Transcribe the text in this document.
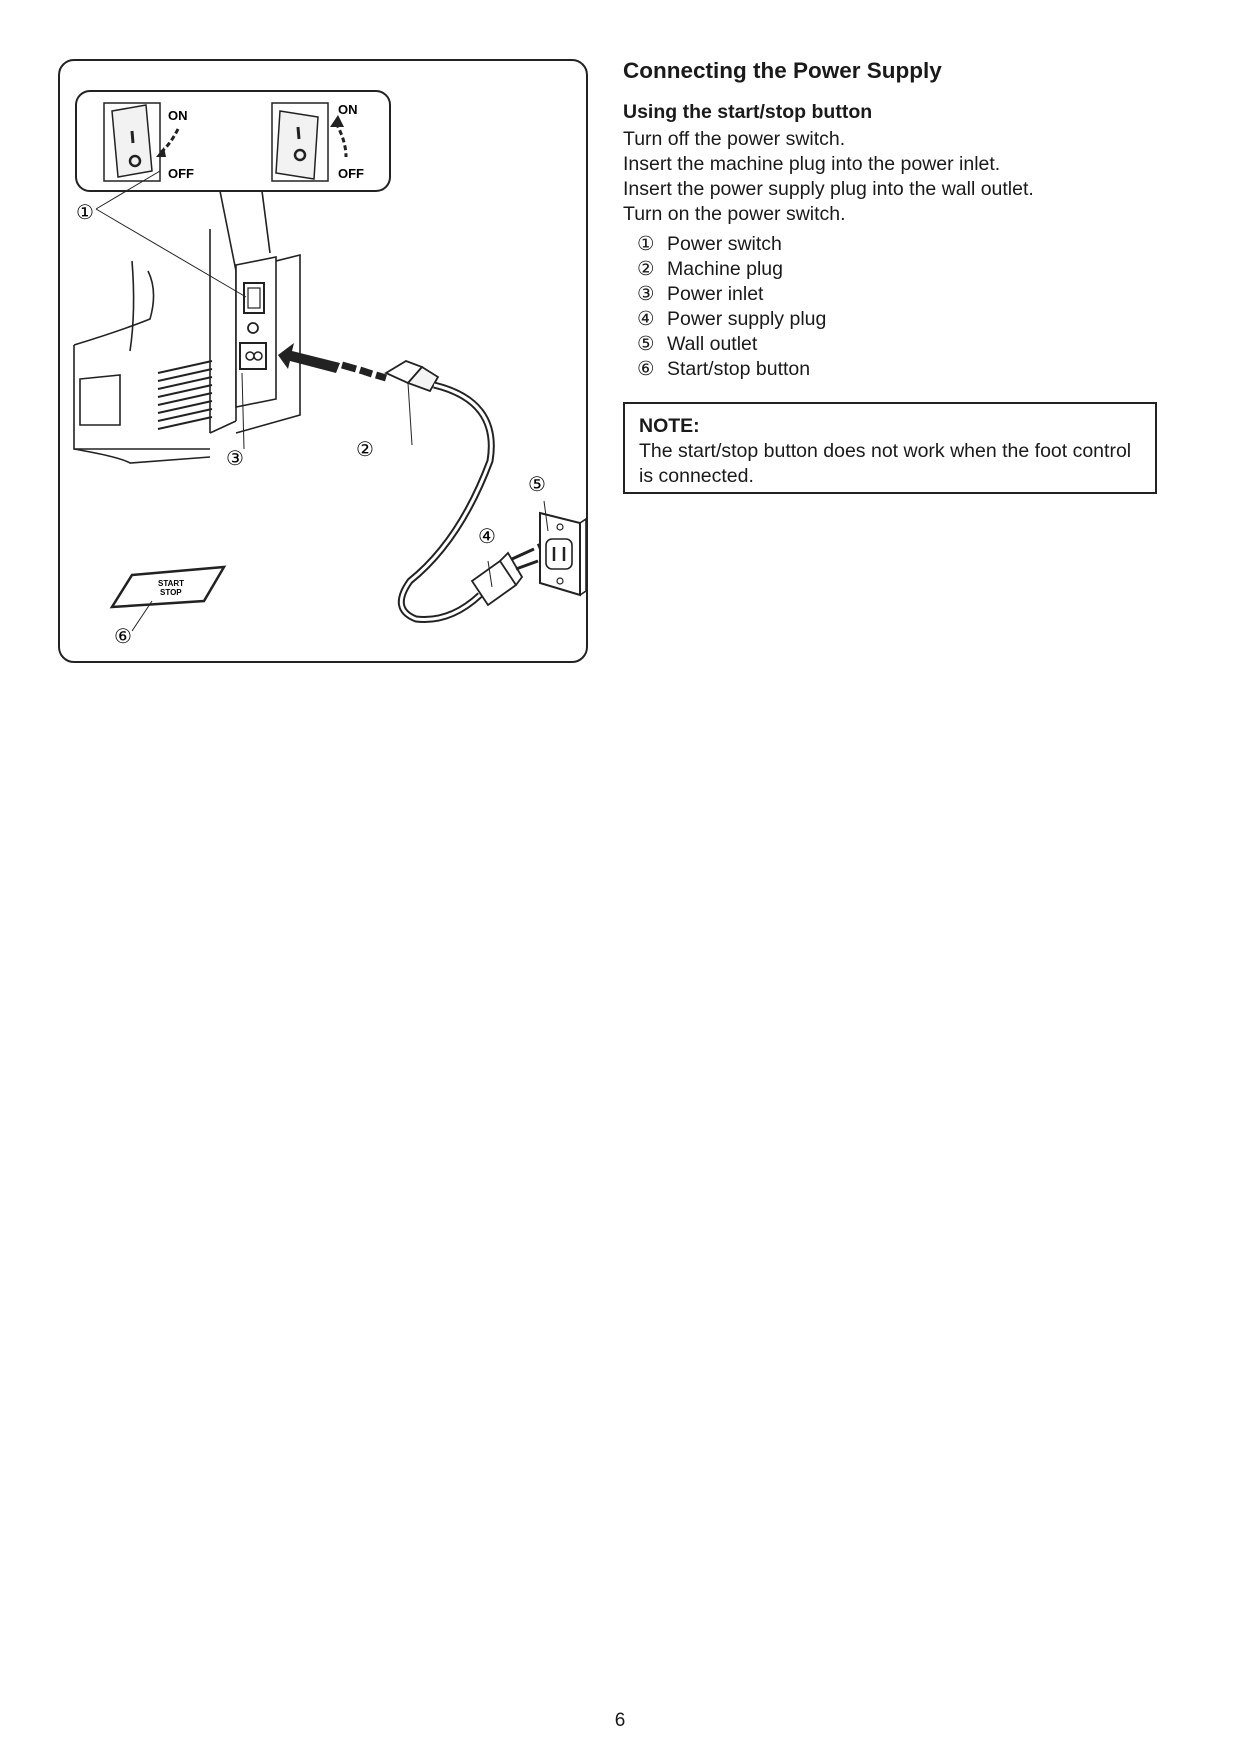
ON
OFF
ON
OFF
START
STOP
①
②
③
④
⑤
⑥
Connecting the Power Supply
Using the start/stop button

Turn off the power switch.

Insert the machine plug into the power inlet.

Insert the power supply plug into the wall outlet.

Turn on the power switch.

① Power switch
② Machine plug
③ Power inlet
④ Power supply plug
⑤ Wall outlet
⑥ Start/stop button
NOTE:
The start/stop button does not work when the foot control is connected.
6
